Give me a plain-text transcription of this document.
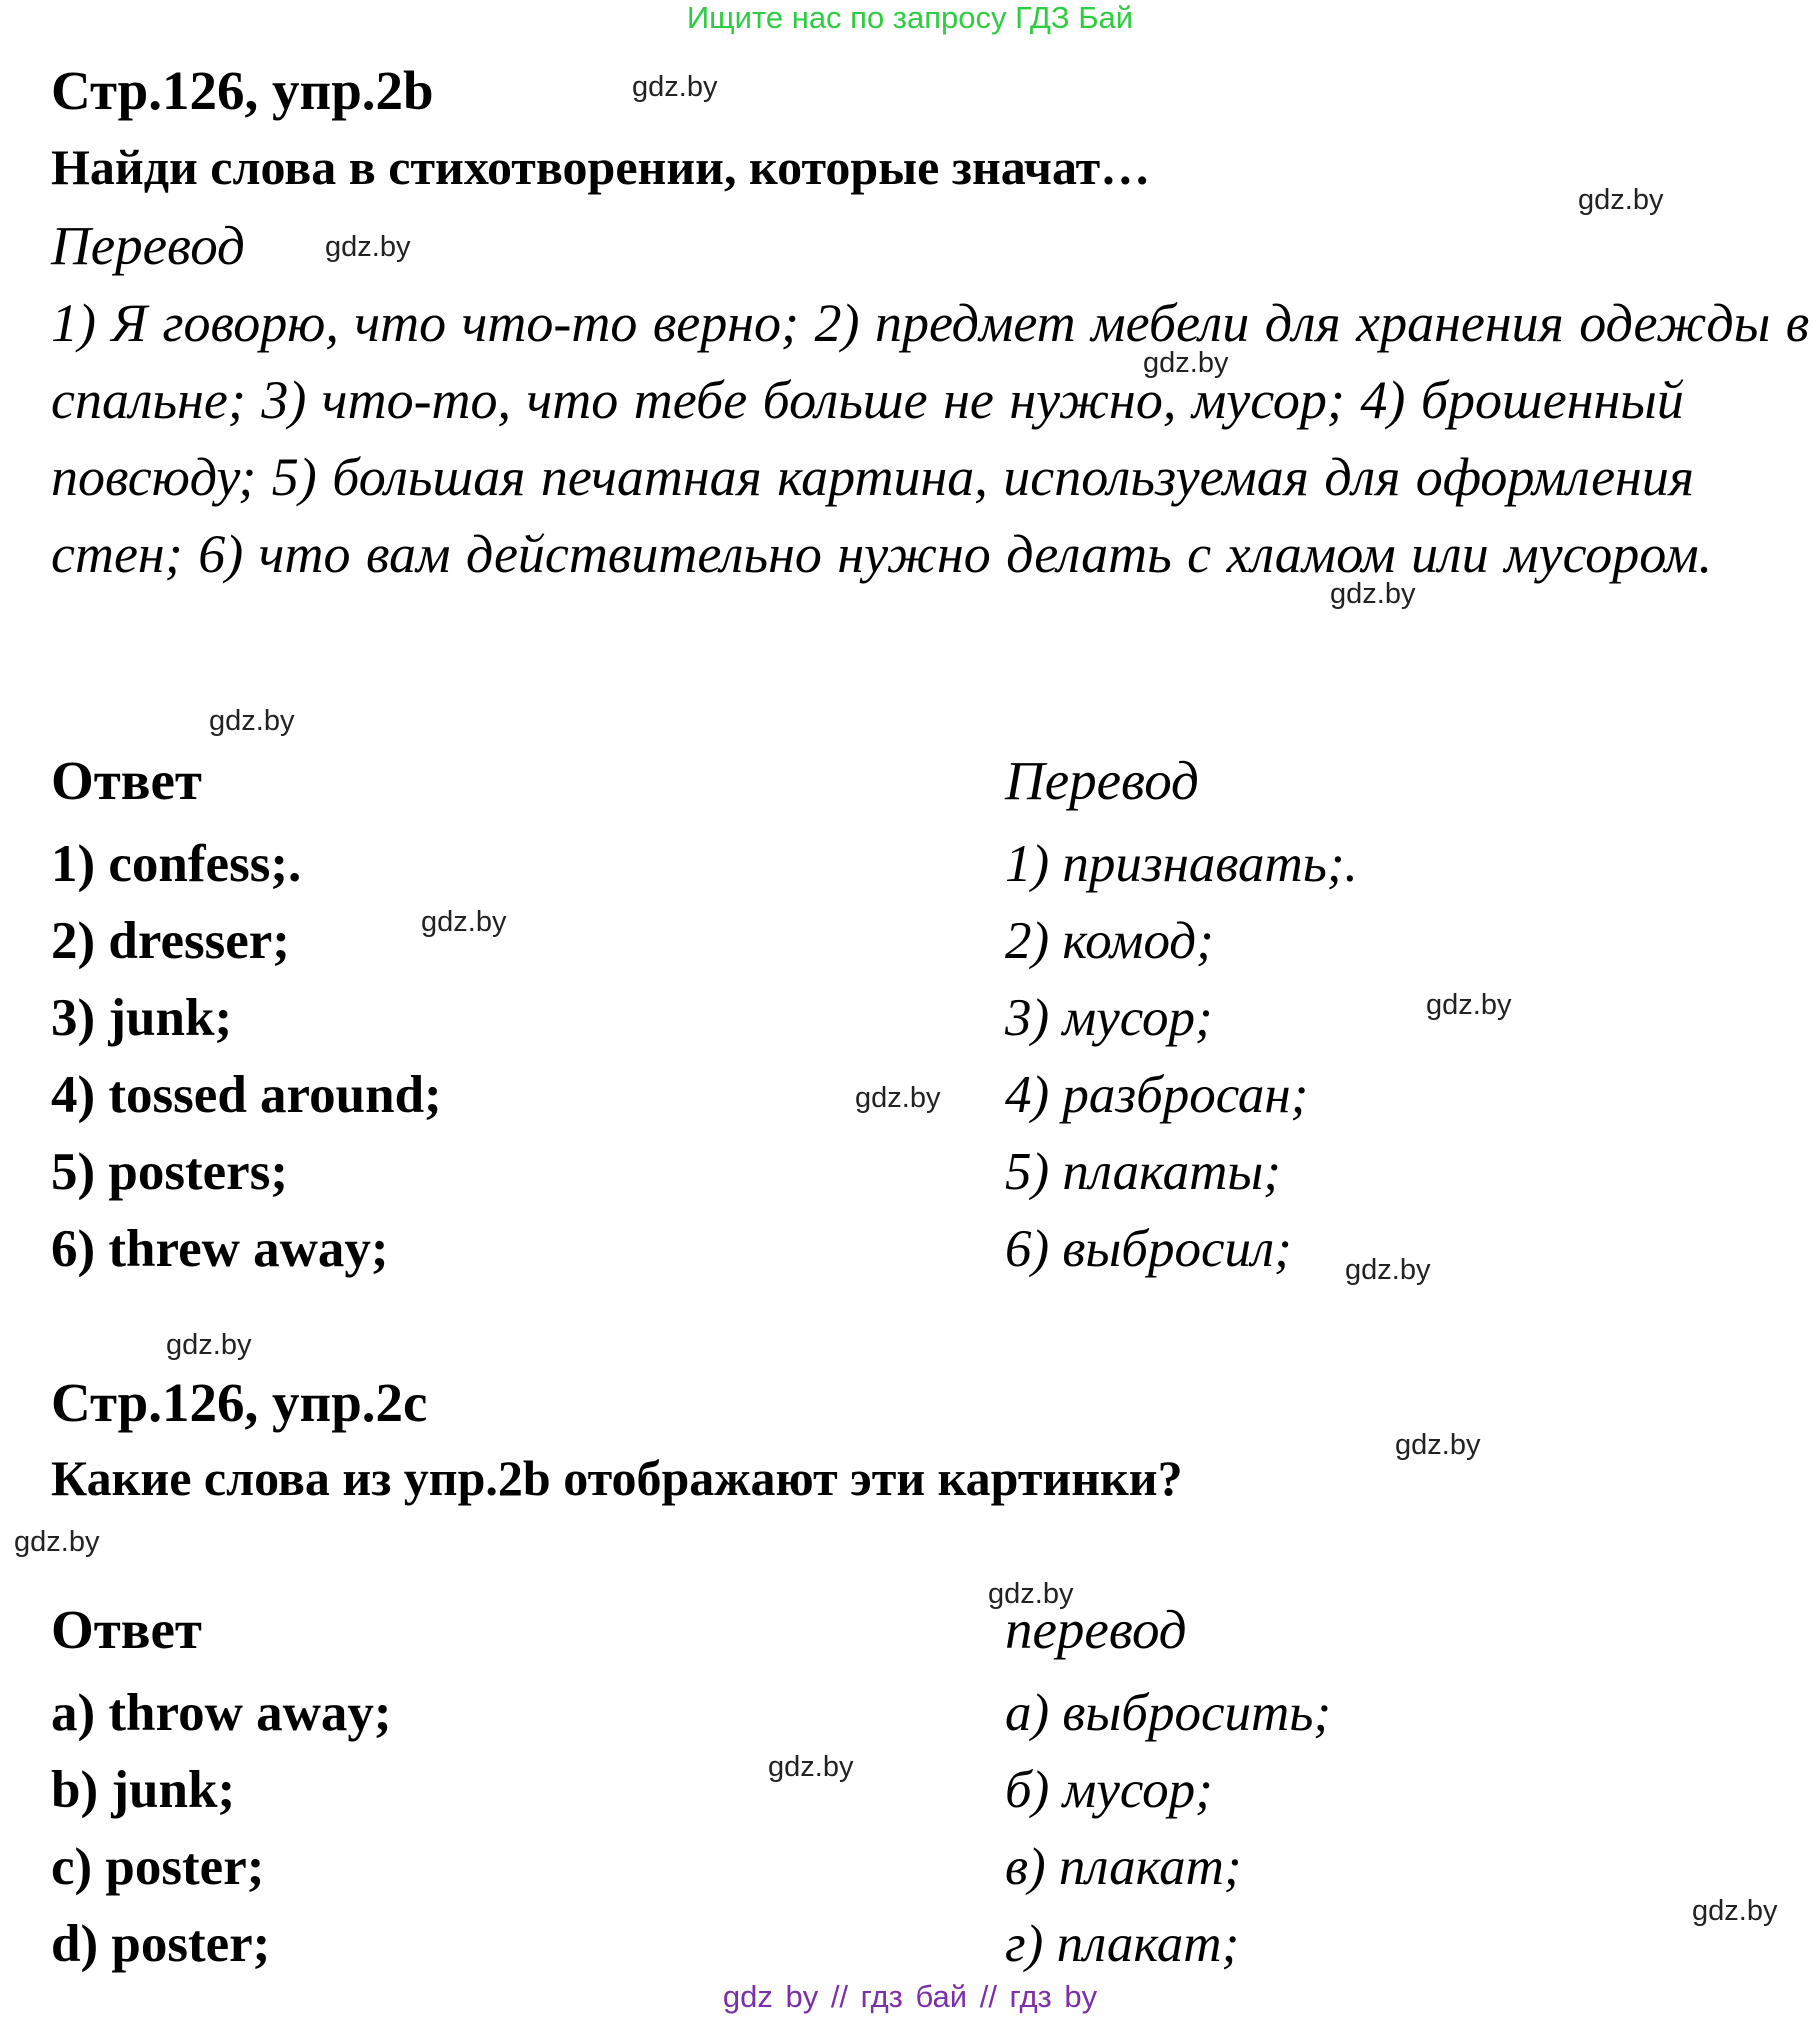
Ищите нас по запросу ГДЗ Бай
Стр.126, упр.2b
Найди слова в стихотворении, которые значат…
Перевод
1) Я говорю, что что-то верно; 2) предмет мебели для хранения одежды в спальне; 3) что-то, что тебе больше не нужно, мусор; 4) брошенный повсюду; 5) большая печатная картина, используемая для оформления стен; 6) что вам действительно нужно делать с хламом или мусором.
Ответ	Перевод
1) confess;.
2) dresser;
3) junk;
4) tossed around;
5) posters;
6) threw away;
1) признавать;.
2) комод;
3) мусор;
4) разбросан;
5) плакаты;
6) выбросил;
Стр.126, упр.2с
Какие слова из упр.2b отображают эти картинки?
Ответ	перевод
a) throw away;
b) junk;
c) poster;
d) poster;
а) выбросить;
б) мусор;
в) плакат;
г) плакат;
gdz.by
gdz.by
gdz.by
gdz.by
gdz.by
gdz.by
gdz.by
gdz.by
gdz.by
gdz.by
gdz.by
gdz.by
gdz.by
gdz.by
gdz.by
gdz.by
gdz by // гдз бай // гдз by
